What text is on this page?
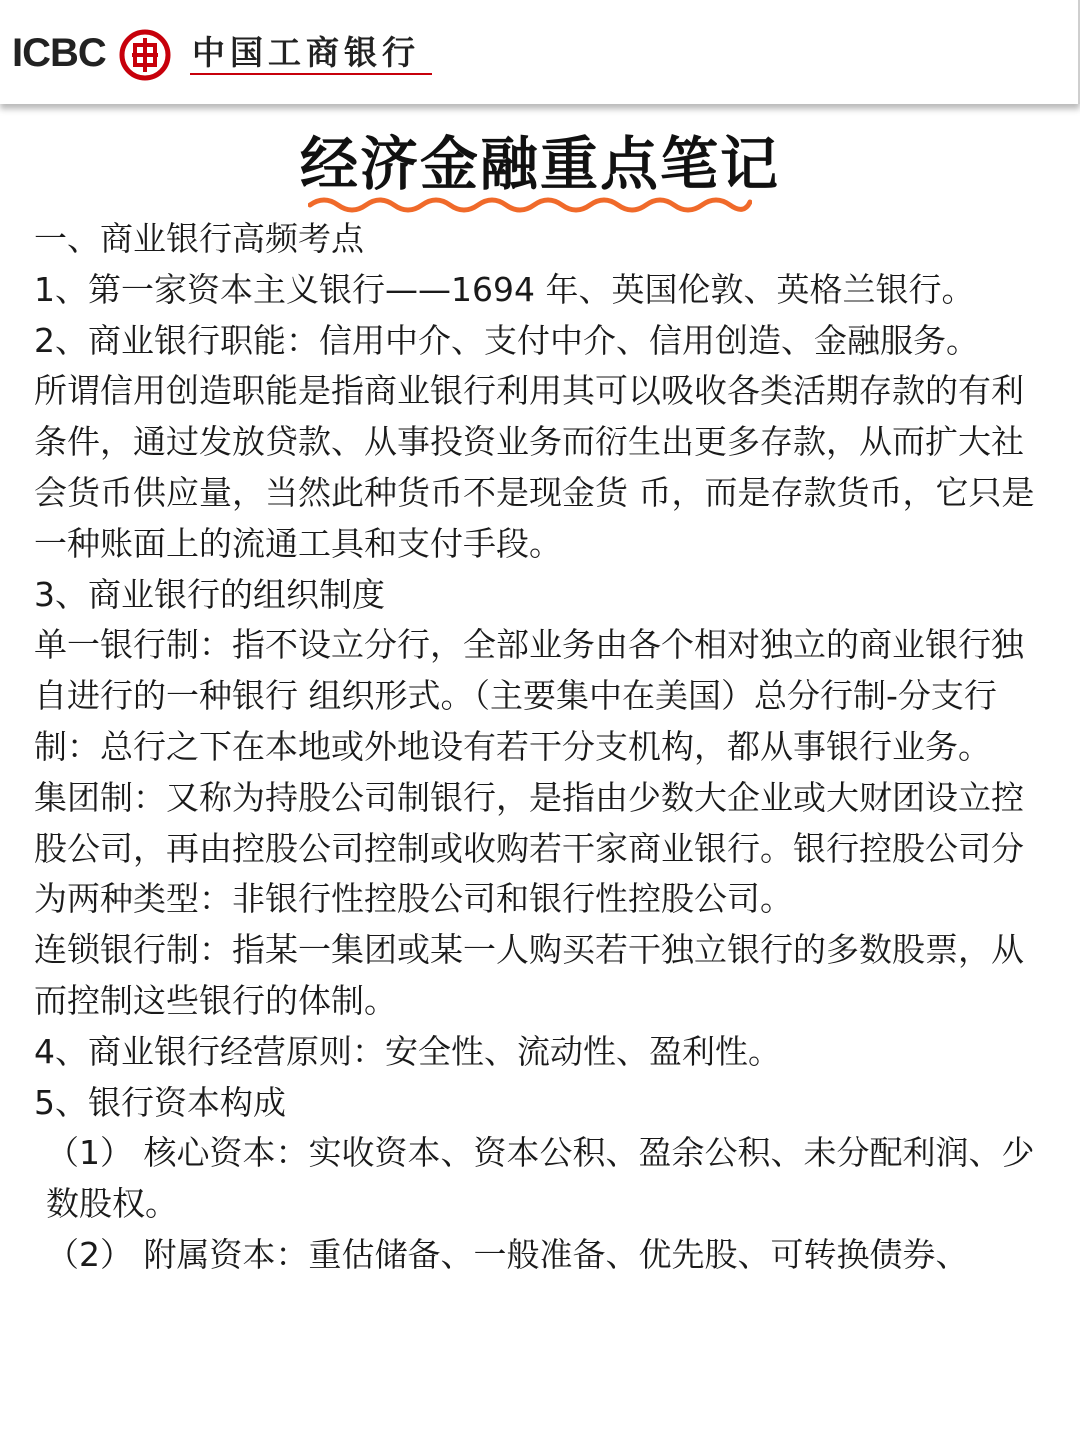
ICBC	中国工商银行
经济金融重点笔记

一、商业银行高频考点

1、第一家资本主义银行——1694 年、英国伦敦、英格兰银行。

2、商业银行职能：信用中介、支付中介、信用创造、金融服务。

所谓信用创造职能是指商业银行利用其可以吸收各类活期存款的有利条件，通过发放贷款、从事投资业务而衍生出更多存款，从而扩大社会货币供应量，当然此种货币不是现金货 币，而是存款货币，它只是一种账面上的流通工具和支付手段。

3、商业银行的组织制度

单一银行制：指不设立分行，全部业务由各个相对独立的商业银行独自进行的一种银行 组织形式。（主要集中在美国）总分行制-分支行制：总行之下在本地或外地设有若干分支机构，都从事银行业务。

集团制：又称为持股公司制银行，是指由少数大企业或大财团设立控股公司，再由控股公司控制或收购若干家商业银行。银行控股公司分为两种类型：非银行性控股公司和银行性控股公司。

连锁银行制：指某一集团或某一人购买若干独立银行的多数股票，从而控制这些银行的体制。

4、商业银行经营原则：安全性、流动性、盈利性。

5、银行资本构成

（1） 核心资本：实收资本、资本公积、盈余公积、未分配利润、少数股权。

（2） 附属资本：重估储备、一般准备、优先股、可转换债券、
